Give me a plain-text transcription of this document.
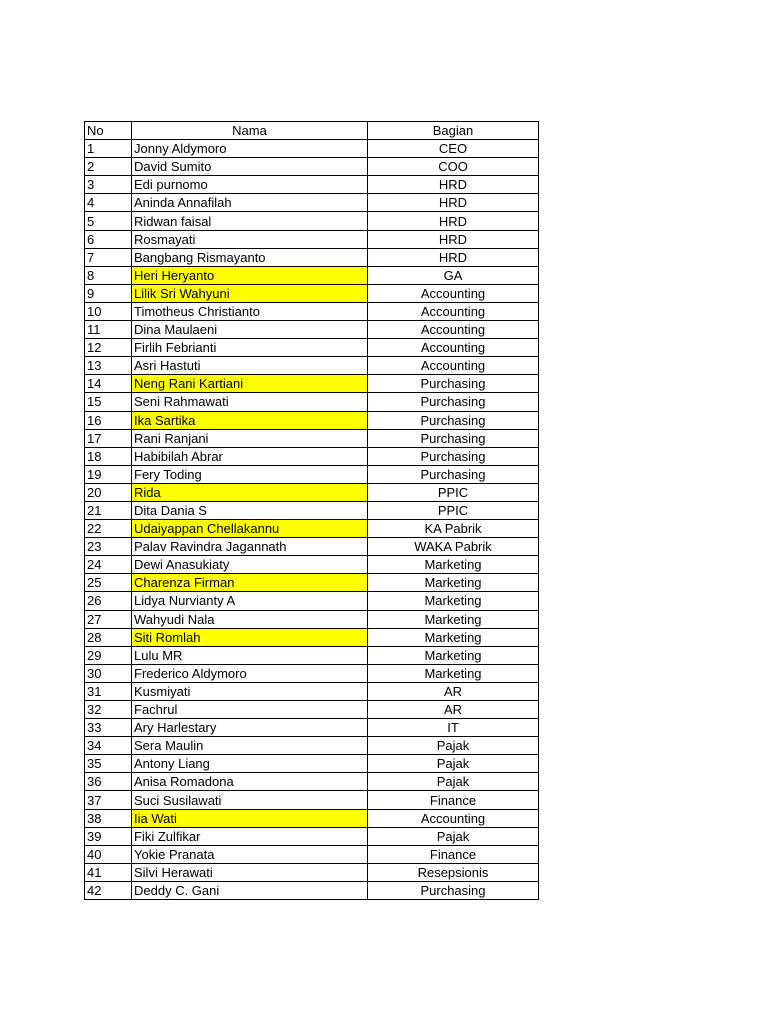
No	Nama	Bagian
1	Jonny Aldymoro	CEO
2	David Sumito	COO
3	Edi purnomo	HRD
4	Aninda Annafilah	HRD
5	Ridwan faisal	HRD
6	Rosmayati	HRD
7	Bangbang Rismayanto	HRD
8	Heri Heryanto	GA
9	Lilik Sri Wahyuni	Accounting
10	Timotheus Christianto	Accounting
11	Dina Maulaeni	Accounting
12	Firlih Febrianti	Accounting
13	Asri Hastuti	Accounting
14	Neng Rani Kartiani	Purchasing
15	Seni Rahmawati	Purchasing
16	Ika Sartika	Purchasing
17	Rani Ranjani	Purchasing
18	Habibilah Abrar	Purchasing
19	Fery Toding	Purchasing
20	Rida	PPIC
21	Dita Dania S	PPIC
22	Udaiyappan Chellakannu	KA Pabrik
23	Palav Ravindra Jagannath	WAKA Pabrik
24	Dewi Anasukiaty	Marketing
25	Charenza Firman	Marketing
26	Lidya Nurvianty A	Marketing
27	Wahyudi Nala	Marketing
28	Siti Romlah	Marketing
29	Lulu MR	Marketing
30	Frederico Aldymoro	Marketing
31	Kusmiyati	AR
32	Fachrul	AR
33	Ary Harlestary	IT
34	Sera Maulin	Pajak
35	Antony Liang	Pajak
36	Anisa Romadona	Pajak
37	Suci Susilawati	Finance
38	Iia Wati	Accounting
39	Fiki Zulfikar	Pajak
40	Yokie Pranata	Finance
41	Silvi Herawati	Resepsionis
42	Deddy C. Gani	Purchasing
